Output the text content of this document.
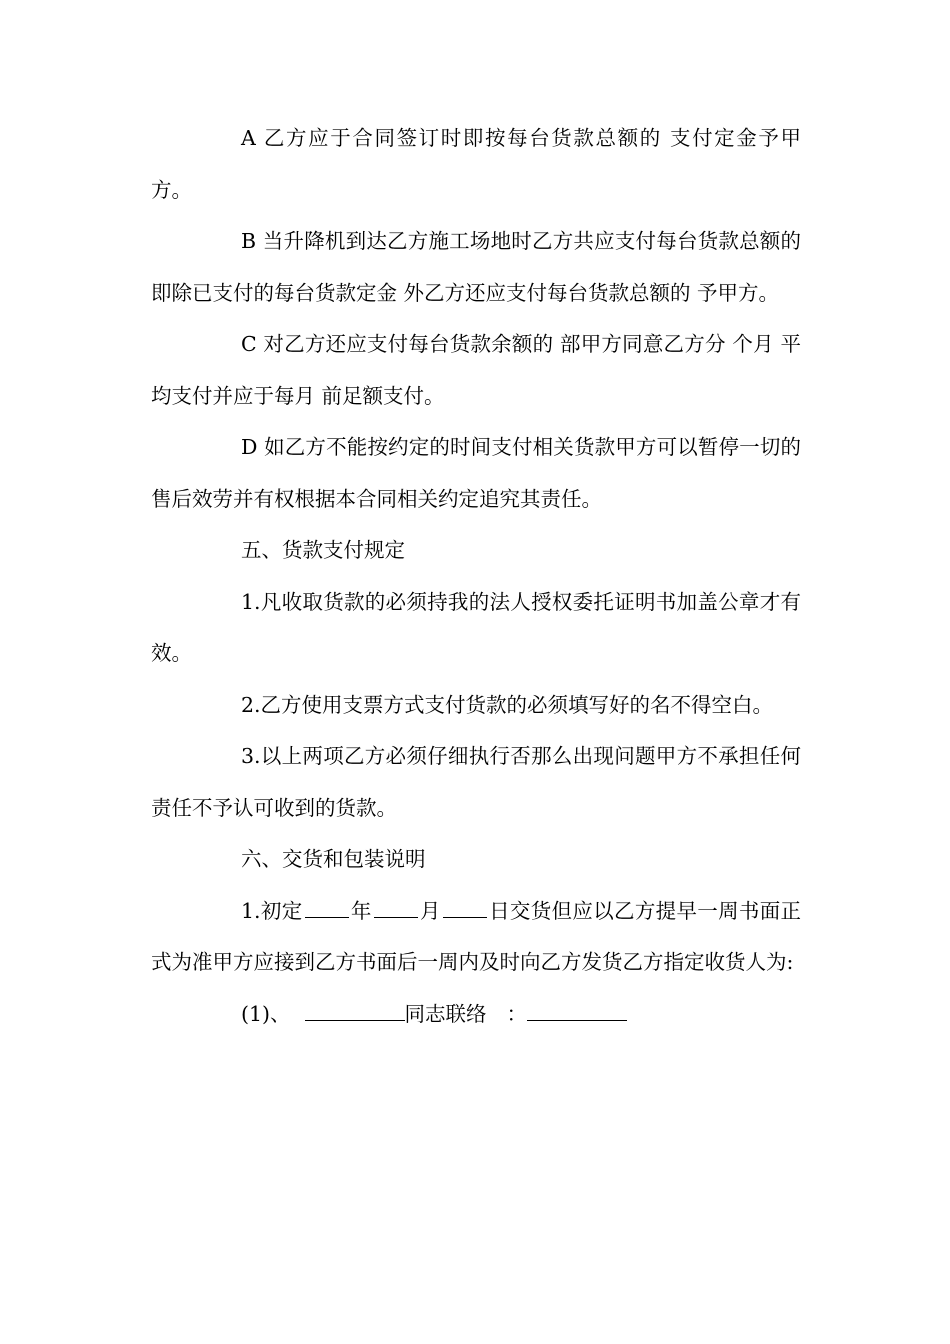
A 乙方应于合同签订时即按每台货款总额的 支付定金予甲方。

B 当升降机到达乙方施工场地时乙方共应支付每台货款总额的 即除已支付的每台货款定金 外乙方还应支付每台货款总额的 予甲方。

C 对乙方还应支付每台货款余额的 部甲方同意乙方分 个月 平均支付并应于每月 前足额支付。

D 如乙方不能按约定的时间支付相关货款甲方可以暂停一切的售后效劳并有权根据本合同相关约定追究其责任。

五、货款支付规定

1.凡收取货款的必须持我的法人授权委托证明书加盖公章才有效。

2.乙方使用支票方式支付货款的必须填写好的名不得空白。

3.以上两项乙方必须仔细执行否那么出现问题甲方不承担任何责任不予认可收到的货款。

六、交货和包装说明

1.初定 年 月 日交货但应以乙方提早一周书面正式为准甲方应接到乙方书面后一周内及时向乙方发货乙方指定收货人为:

(1)、	同志联络 ：
